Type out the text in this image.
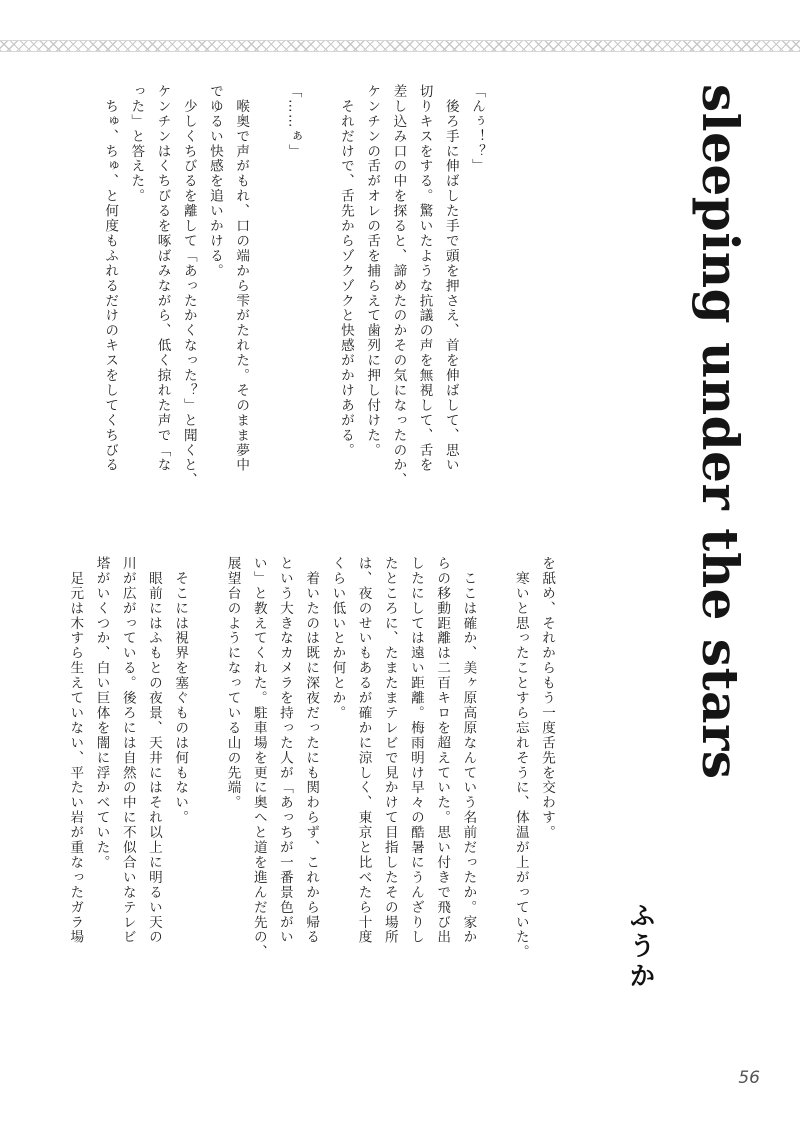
sleeping under the stars
ふうか
「んぅ！？」
　後ろ手に伸ばした手で頭を押さえ、首を伸ばして、思い
切りキスをする。驚いたような抗議の声を無視して、舌を
差し込み口の中を探ると、諦めたのかその気になったのか、
ケンチンの舌がオレの舌を捕らえて歯列に押し付けた。
　それだけで、舌先からゾクゾクと快感がかけあがる。
「……ぁ」
　喉奥で声がもれ、口の端から雫がたれた。そのまま夢中
でゆるい快感を追いかける。
　少しくちびるを離して「あったかくなった？」と聞くと、
ケンチンはくちびるを啄ばみながら、低く掠れた声で「な
った」と答えた。
　ちゅ、ちゅ、と何度もふれるだけのキスをしてくちびる
を舐め、それからもう一度舌先を交わす。
　寒いと思ったことすら忘れそうに、体温が上がっていた。
　ここは確か、美ヶ原高原なんていう名前だったか。家か
らの移動距離は二百キロを超えていた。思い付きで飛び出
したにしては遠い距離。梅雨明け早々の酷暑にうんざりし
たところに、たまたまテレビで見かけて目指したその場所
は、夜のせいもあるが確かに涼しく、東京と比べたら十度
くらい低いとか何とか。
　着いたのは既に深夜だったにも関わらず、これから帰る
という大きなカメラを持った人が「あっちが一番景色がい
い」と教えてくれた。駐車場を更に奥へと道を進んだ先の、
展望台のようになっている山の先端。
　そこには視界を塞ぐものは何もない。
　眼前にはふもとの夜景、天井にはそれ以上に明るい天の
川が広がっている。後ろには自然の中に不似合いなテレビ
塔がいくつか、白い巨体を闇に浮かべていた。
　足元は木すら生えていない、平たい岩が重なったガラ場
56
